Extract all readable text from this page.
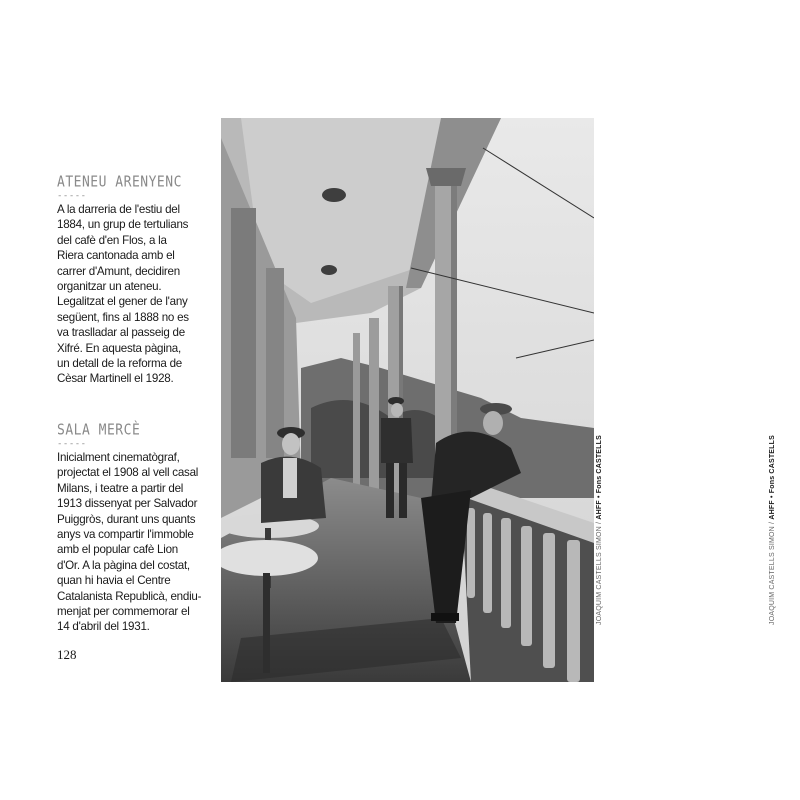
ATENEU ARENYENC
-----
A la darreria de l'estiu del
1884, un grup de tertulians
del cafè d'en Flos, a la
Riera cantonada amb el
carrer d'Amunt, decidiren
organitzar un ateneu.
Legalitzat el gener de l'any
següent, fins al 1888 no es
va traslladar al passeig de
Xifré. En aquesta pàgina,
un detall de la reforma de
Cèsar Martinell el 1928.
SALA MERCÈ
-----
Inicialment cinematògraf,
projectat el 1908 al vell casal
Milans, i teatre a partir del
1913 dissenyat per Salvador
Puiggròs, durant uns quants
anys va compartir l'immoble
amb el popular cafè Lion
d'Or. A la pàgina del costat,
quan hi havia el Centre
Catalanista Republicà, endiu-
menjat per commemorar el
14 d'abril del 1931.
128
JOAQUIM CASTELLS SIMON / AHFF • Fons CASTELLS
JOAQUIM CASTELLS SIMON / AHFF • Fons CASTELLS
